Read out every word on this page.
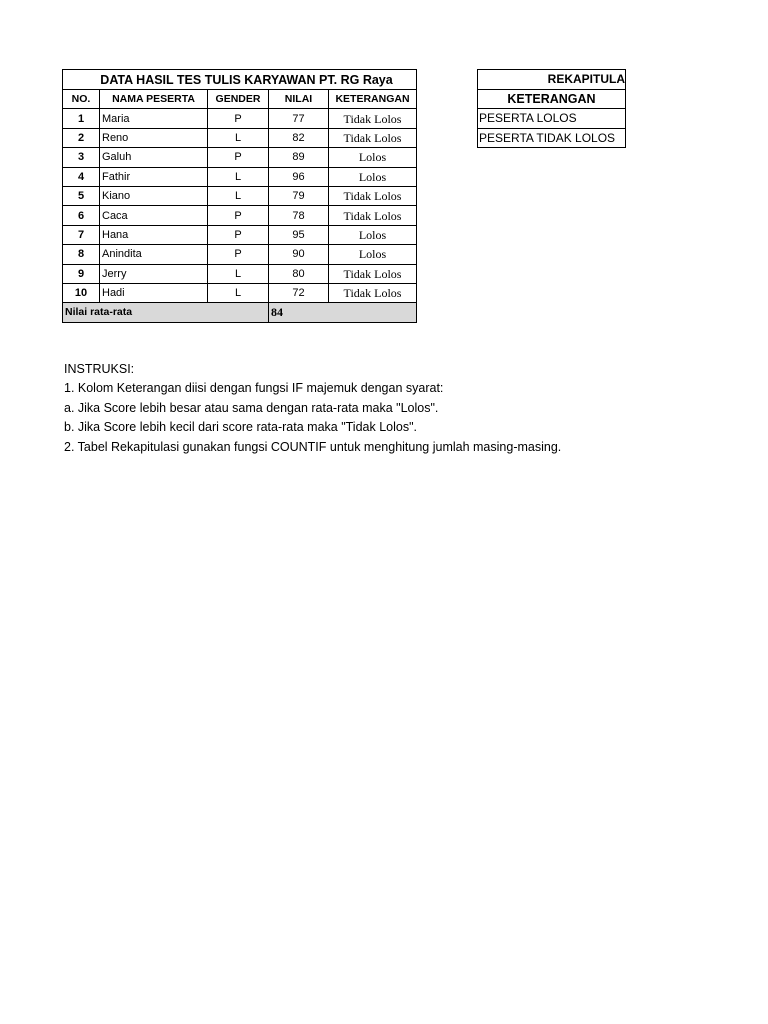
DATA HASIL TES TULIS KARYAWAN PT. RG Raya				
NO.	NAMA PESERTA	GENDER	NILAI	KETERANGAN
1	Maria	P	77	Tidak Lolos
2	Reno	L	82	Tidak Lolos
3	Galuh	P	89	Lolos
4	Fathir	L	96	Lolos
5	Kiano	L	79	Tidak Lolos
6	Caca	P	78	Tidak Lolos
7	Hana	P	95	Lolos
8	Anindita	P	90	Lolos
9	Jerry	L	80	Tidak Lolos
10	Hadi	L	72	Tidak Lolos
Nilai rata-rata			84	
REKAPITULA
KETERANGAN
PESERTA LOLOS
PESERTA TIDAK LOLOS
INSTRUKSI:
1. Kolom Keterangan diisi dengan fungsi IF majemuk dengan syarat:
a. Jika Score lebih besar atau sama dengan rata-rata maka "Lolos".
b. Jika Score lebih kecil dari score rata-rata maka "Tidak Lolos".
2. Tabel Rekapitulasi gunakan fungsi COUNTIF untuk menghitung jumlah masing-masing.
